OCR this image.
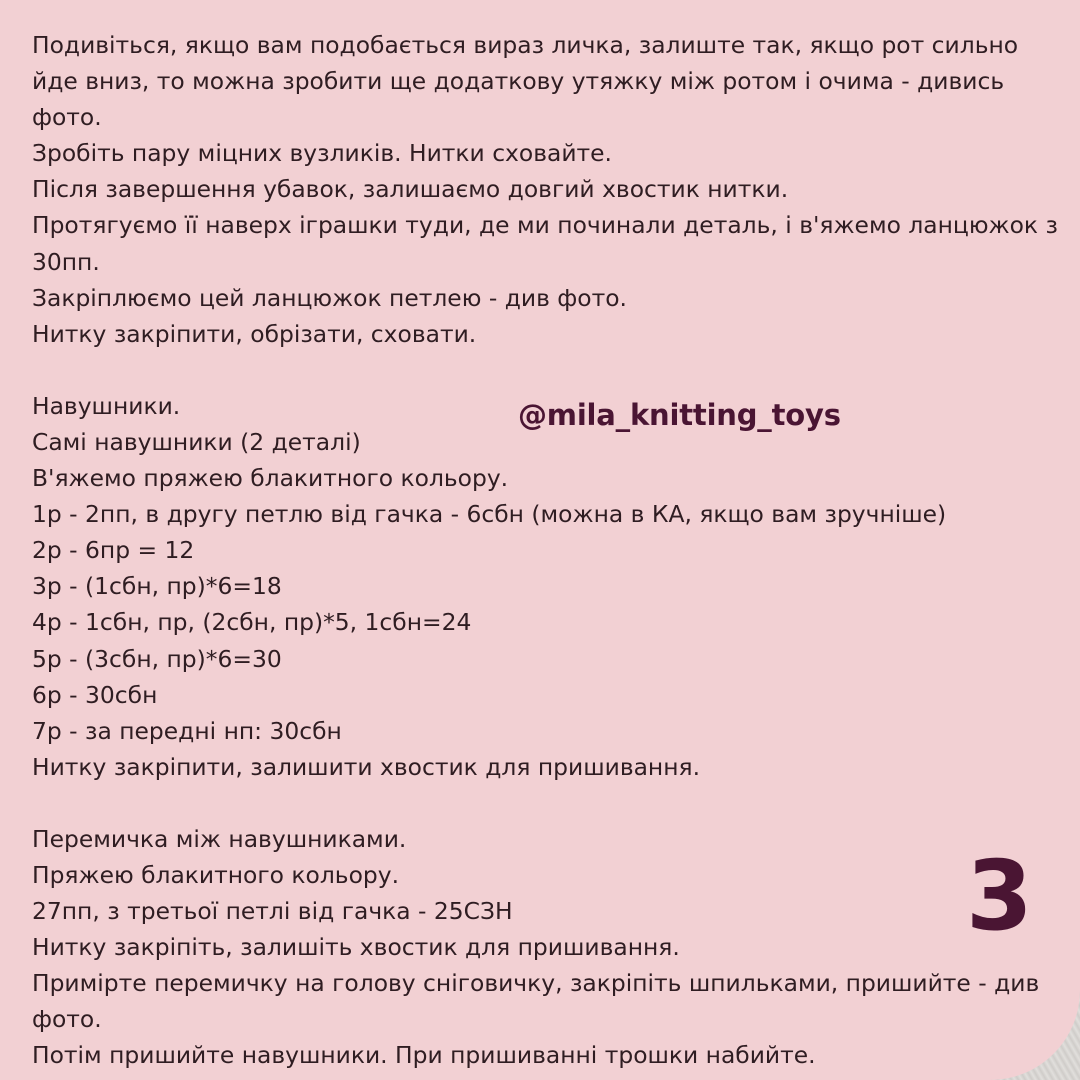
Подивіться, якщо вам подобається вираз личка, залиште так, якщо рот сильно йде вниз, то можна зробити ще додаткову утяжку між ротом і очима - дивись фото.

Зробіть пару міцних вузликів. Нитки сховайте.

Після завершення убавок, залишаємо довгий хвостик нитки.

Протягуємо її наверх іграшки туди, де ми починали деталь, і в'яжемо ланцюжок з 30пп.

Закріплюємо цей ланцюжок петлею - див фото.

Нитку закріпити, обрізати, сховати.

Навушники.

Самі навушники (2 деталі)

В'яжемо пряжею блакитного кольору.

1р - 2пп, в другу петлю від гачка - 6сбн (можна в КА, якщо вам зручніше)

2р - 6пр = 12

3р - (1сбн, пр)*6=18

4р - 1сбн, пр, (2сбн, пр)*5, 1сбн=24

5р - (3сбн, пр)*6=30

6р - 30сбн

7р - за передні нп: 30сбн

Нитку закріпити, залишити хвостик для пришивання.

Перемичка між навушниками.

Пряжею блакитного кольору.

27пп, з третьої петлі від гачка - 25СЗН

Нитку закріпіть, залишіть хвостик для пришивання.

Примірте перемичку на голову сніговичку, закріпіть шпильками, пришийте - див фото.

Потім пришийте навушники. При пришиванні трошки набийте.

@mila_knitting_toys
3
